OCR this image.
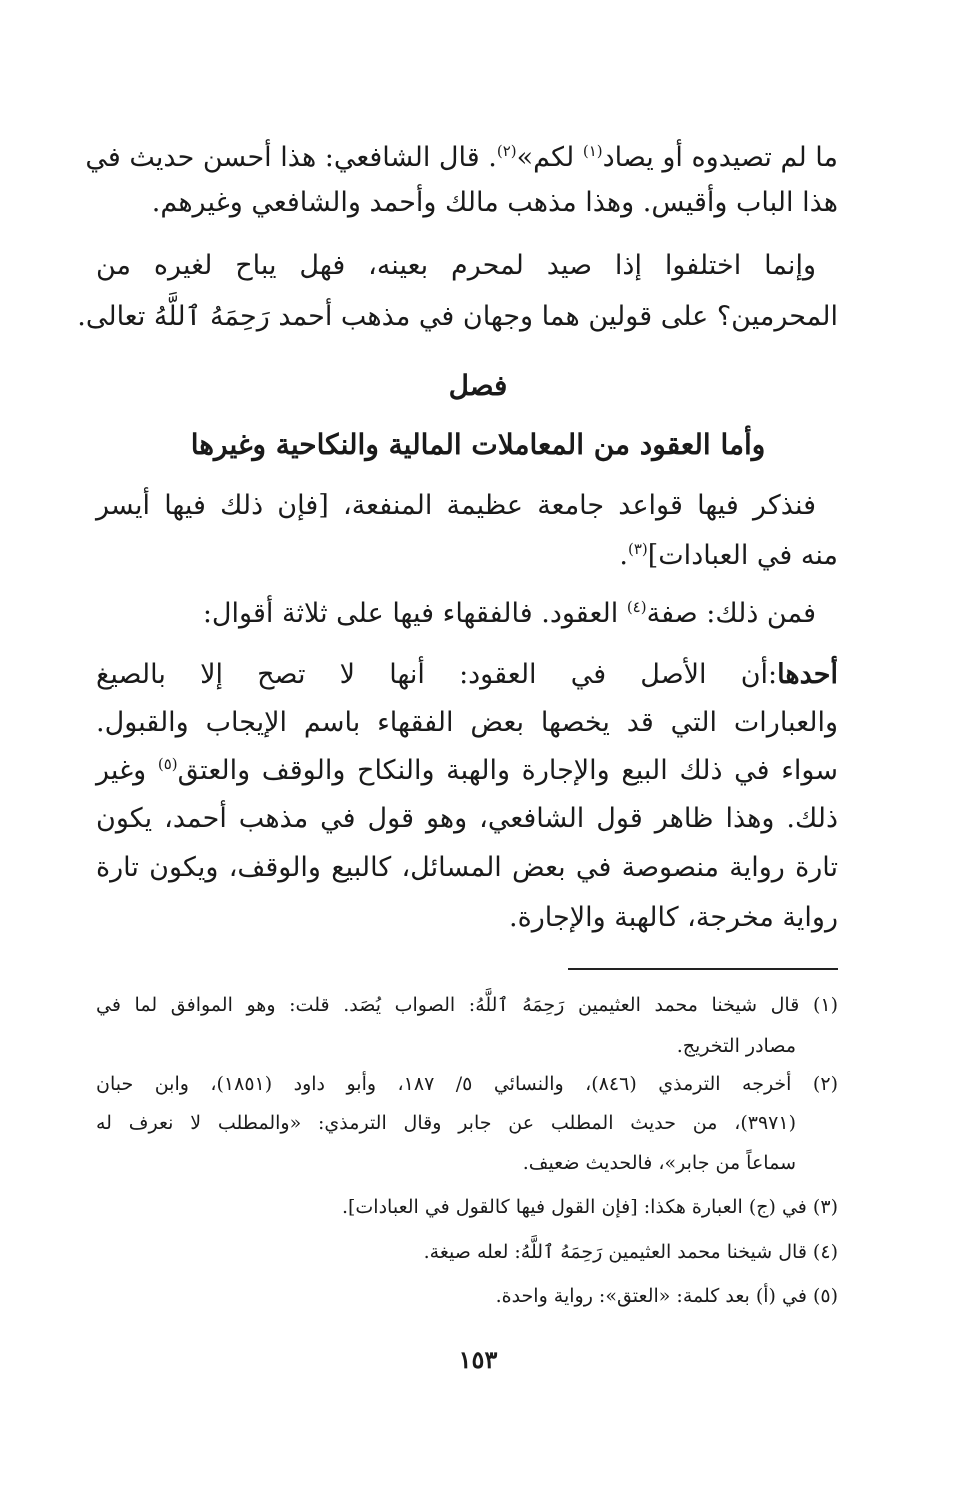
ما لم تصيدوه أو يصاد$^{(١)}$ لكم»$^{(٢)}$. قال الشافعي: هذا أحسن حديث في
هذا الباب وأقيس. وهذا مذهب مالك وأحمد والشافعي وغيرهم.
وإنما اختلفوا إذا صيد لمحرم بعينه، فهل يباح لغيره من
المحرمين؟ على قولين هما وجهان في مذهب أحمد رَحِمَهُ ٱللَّهُ تعالى.
فصل
وأما العقود من المعاملات المالية والنكاحية وغيرها
فنذكر فيها قواعد جامعة عظيمة المنفعة، [فإن ذلك فيها أيسر
منه في العبادات]$^{(٣)}$.
فمن ذلك: صفة$^{(٤)}$ العقود. فالفقهاء فيها على ثلاثة أقوال:
أحدها:أن الأصل في العقود: أنها لا تصح إلا بالصيغ
والعبارات التي قد يخصها بعض الفقهاء باسم الإيجاب والقبول.
سواء في ذلك البيع والإجارة والهبة والنكاح والوقف والعتق$^{(٥)}$ وغير
ذلك. وهذا ظاهر قول الشافعي، وهو قول في مذهب أحمد، يكون
تارة رواية منصوصة في بعض المسائل، كالبيع والوقف، ويكون تارة
رواية مخرجة، كالهبة والإجارة.
(١) قال شيخنا محمد العثيمين رَحِمَهُ ٱللَّهُ: الصواب يُصَد. قلت: وهو الموافق لما في
مصادر التخريج.
(٢) أخرجه الترمذي (٨٤٦)، والنسائي ٥/ ١٨٧، وأبو داود (١٨٥١)، وابن حبان
(٣٩٧١)، من حديث المطلب عن جابر وقال الترمذي: «والمطلب لا نعرف له
سماعاً من جابر»، فالحديث ضعيف.
(٣) في (ج) العبارة هكذا: [فإن القول فيها كالقول في العبادات].
(٤) قال شيخنا محمد العثيمين رَحِمَهُ ٱللَّهُ: لعله صيغة.
(٥) في (أ) بعد كلمة: «العتق»: رواية واحدة.
١٥٣
